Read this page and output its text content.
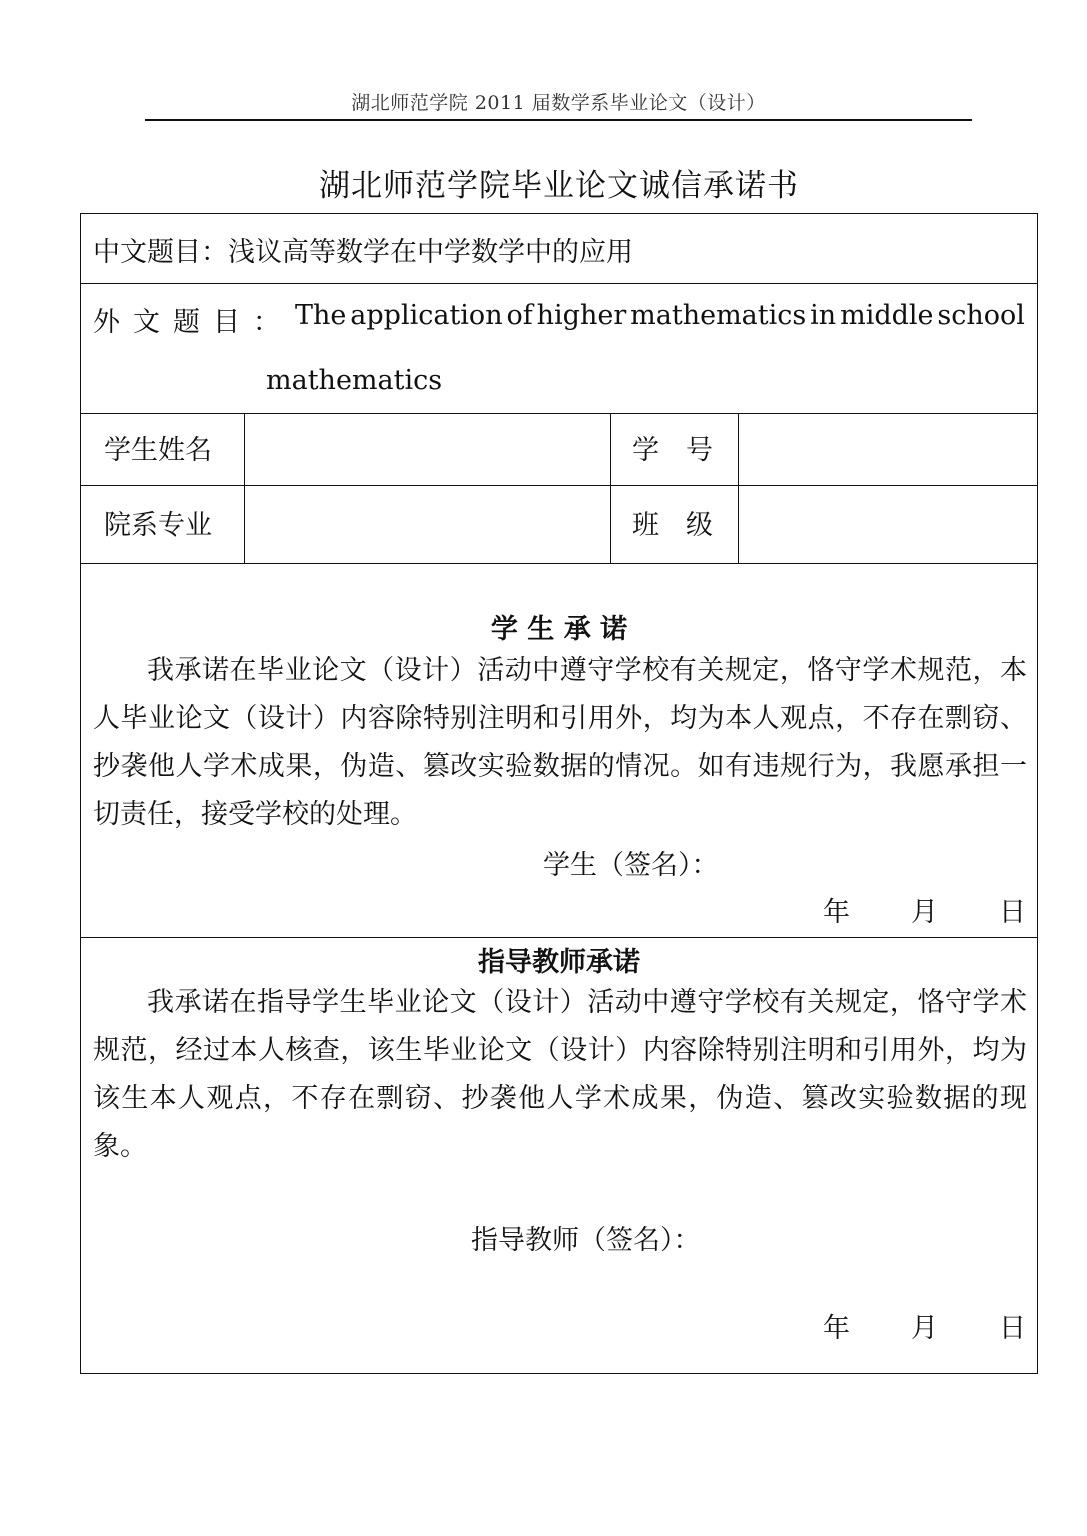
湖北师范学院 2011 届数学系毕业论文（设计）
湖北师范学院毕业论文诚信承诺书
中文题目：浅议高等数学在中学数学中的应用
外文题目： The application of higher mathematics in middle school
mathematics
学生姓名	学　号
院系专业	班　级
学 生 承 诺

我承诺在毕业论文（设计）活动中遵守学校有关规定，恪守学术规范，本人毕业论文（设计）内容除特别注明和引用外，均为本人观点，不存在剽窃、抄袭他人学术成果，伪造、篡改实验数据的情况。如有违规行为，我愿承担一切责任，接受学校的处理。

学生（签名）：
年 月 日
指导教师承诺

我承诺在指导学生毕业论文（设计）活动中遵守学校有关规定，恪守学术规范，经过本人核查，该生毕业论文（设计）内容除特别注明和引用外，均为该生本人观点，不存在剽窃、抄袭他人学术成果，伪造、篡改实验数据的现象。

指导教师（签名）：
年 月 日
